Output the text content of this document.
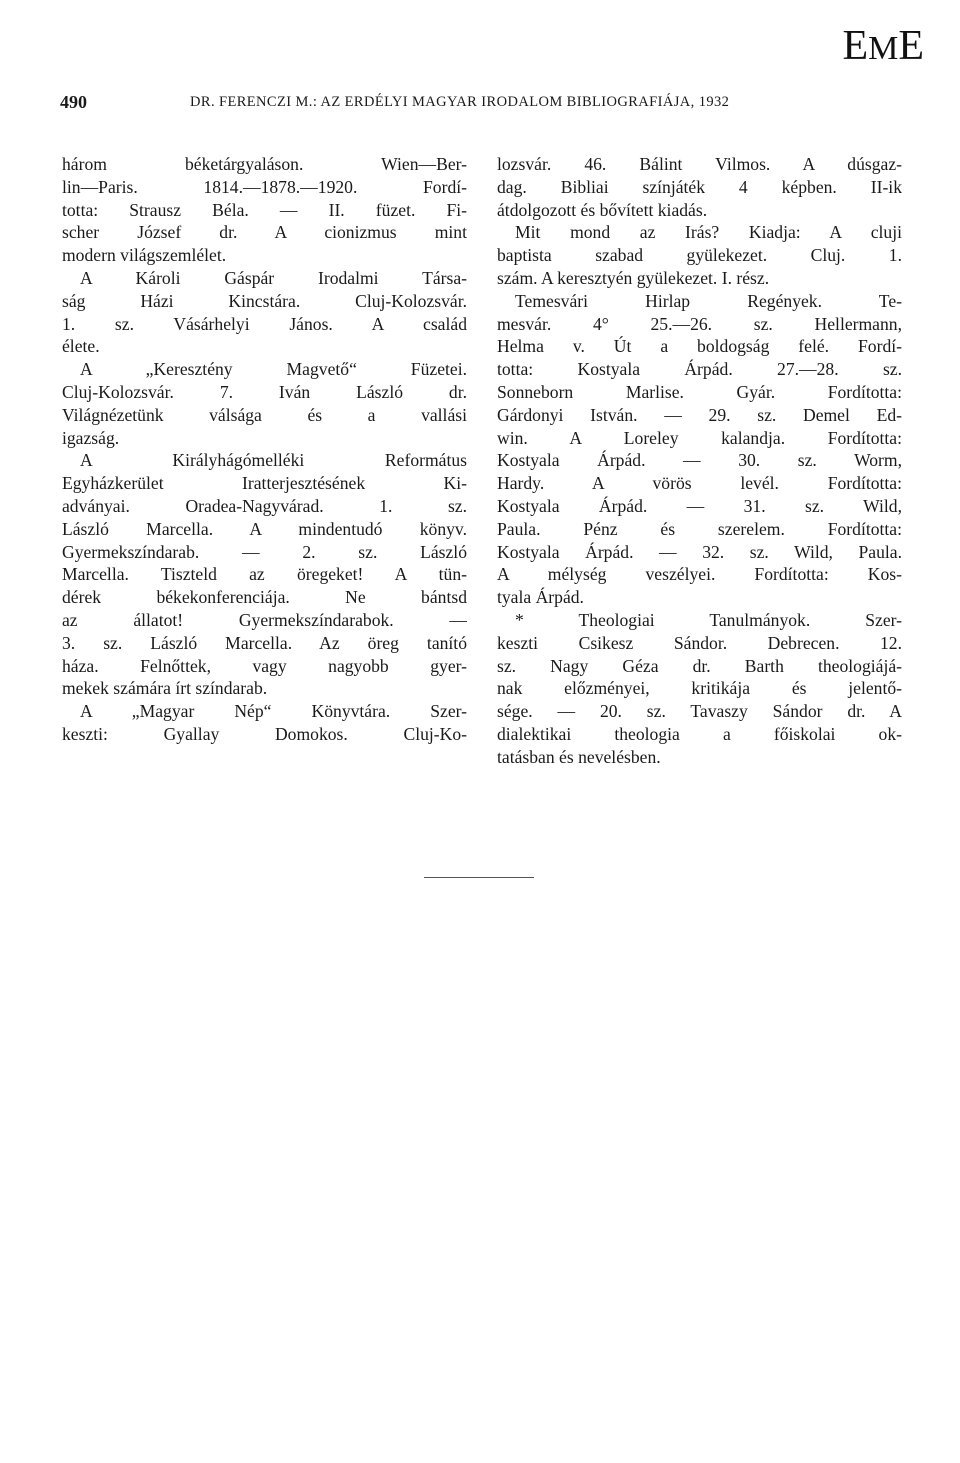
EME
490	DR. FERENCZI M.: AZ ERDÉLYI MAGYAR IRODALOM BIBLIOGRAFIÁJA, 1932
három béketárgyaláson. Wien—Ber-
lin—Paris. 1814.—1878.—1920. Fordí-
totta: Strausz Béla. — II. füzet. Fi-
scher József dr. A cionizmus mint
modern világszemlélet.
A Károli Gáspár Irodalmi Társa-
ság Házi Kincstára. Cluj-Kolozsvár.
1. sz. Vásárhelyi János. A család
élete.
A „Keresztény Magvető“ Füzetei.
Cluj-Kolozsvár. 7. Iván László dr.
Világnézetünk válsága és a vallási
igazság.
A Királyhágómelléki Református
Egyházkerület Iratterjesztésének Ki-
adványai. Oradea-Nagyvárad. 1. sz.
László Marcella. A mindentudó könyv.
Gyermekszíndarab. — 2. sz. László
Marcella. Tiszteld az öregeket! A tün-
dérek békekonferenciája. Ne bántsd
az állatot! Gyermekszíndarabok. —
3. sz. László Marcella. Az öreg tanító
háza. Felnőttek, vagy nagyobb gyer-
mekek számára írt színdarab.
A „Magyar Nép“ Könyvtára. Szer-
keszti: Gyallay Domokos. Cluj-Ko-
lozsvár. 46. Bálint Vilmos. A dúsgaz-
dag. Bibliai színjáték 4 képben. II-ik
átdolgozott és bővített kiadás.
Mit mond az Irás? Kiadja: A cluji
baptista szabad gyülekezet. Cluj. 1.
szám. A keresztyén gyülekezet. I. rész.
Temesvári Hirlap Regények. Te-
mesvár. 4° 25.—26. sz. Hellermann,
Helma v. Út a boldogság felé. Fordí-
totta: Kostyala Árpád. 27.—28. sz.
Sonneborn Marlise. Gyár. Fordította:
Gárdonyi István. — 29. sz. Demel Ed-
win. A Loreley kalandja. Fordította:
Kostyala Árpád. — 30. sz. Worm,
Hardy. A vörös levél. Fordította:
Kostyala Árpád. — 31. sz. Wild,
Paula. Pénz és szerelem. Fordította:
Kostyala Árpád. — 32. sz. Wild, Paula.
A mélység veszélyei. Fordította: Kos-
tyala Árpád.
* Theologiai Tanulmányok. Szer-
keszti Csikesz Sándor. Debrecen. 12.
sz. Nagy Géza dr. Barth theologiájá-
nak előzményei, kritikája és jelentő-
sége. — 20. sz. Tavaszy Sándor dr. A
dialektikai theologia a főiskolai ok-
tatásban és nevelésben.
